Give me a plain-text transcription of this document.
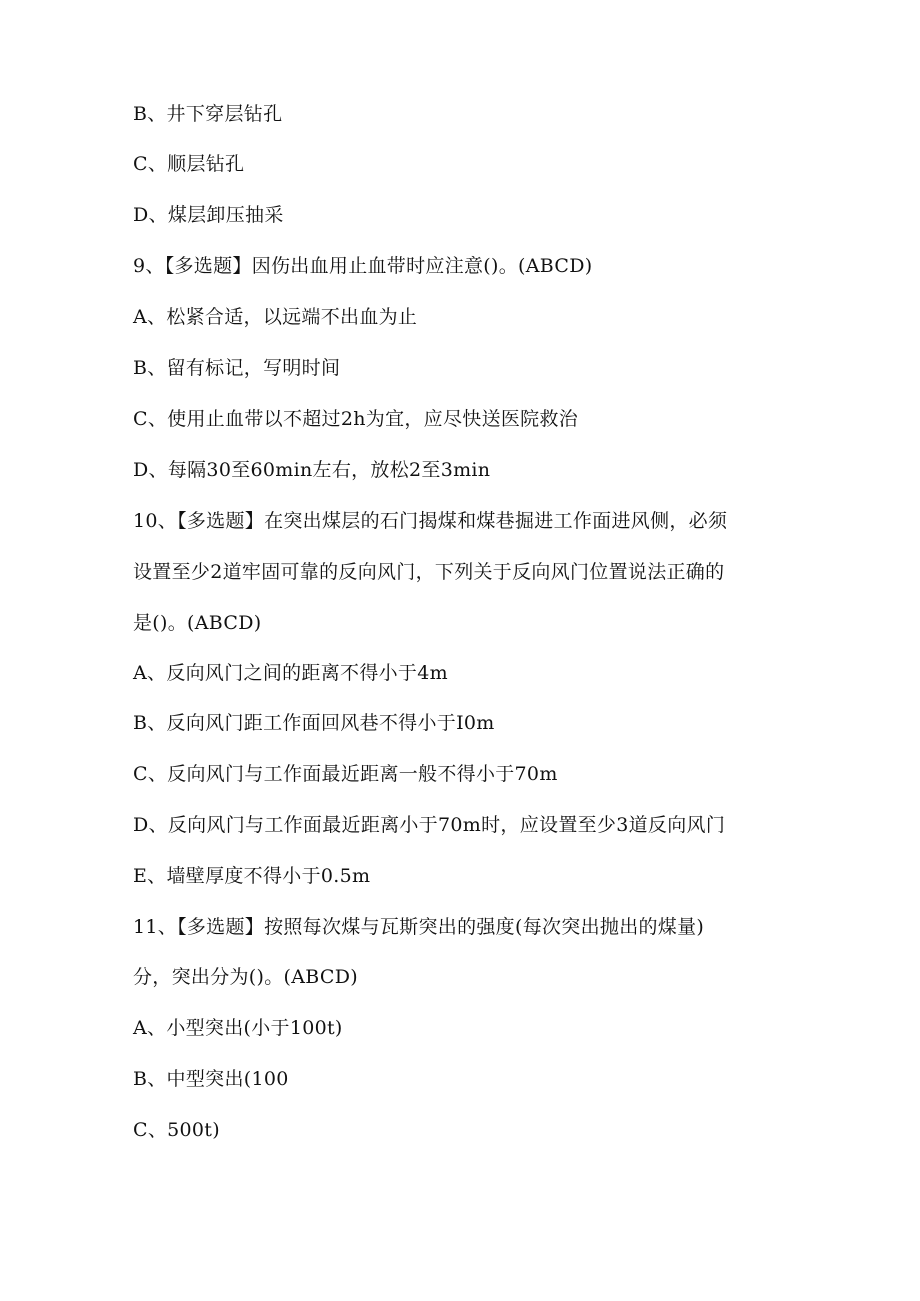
B、井下穿层钻孔
C、顺层钻孔
D、煤层卸压抽采
9、【多选题】因伤出血用止血带时应注意()。(ABCD)
A、松紧合适，以远端不出血为止
B、留有标记，写明时间
C、使用止血带以不超过2h为宜，应尽快送医院救治
D、每隔30至60min左右，放松2至3min
10、【多选题】在突出煤层的石门揭煤和煤巷掘进工作面进风侧，必须
设置至少2道牢固可靠的反向风门，下列关于反向风门位置说法正确的
是()。(ABCD)
A、反向风门之间的距离不得小于4m
B、反向风门距工作面回风巷不得小于I0m
C、反向风门与工作面最近距离一般不得小于70m
D、反向风门与工作面最近距离小于70m时，应设置至少3道反向风门
E、墙壁厚度不得小于0.5m
11、【多选题】按照每次煤与瓦斯突出的强度(每次突出抛出的煤量)
分，突出分为()。(ABCD)
A、小型突出(小于100t)
B、中型突出(100
C、500t)
